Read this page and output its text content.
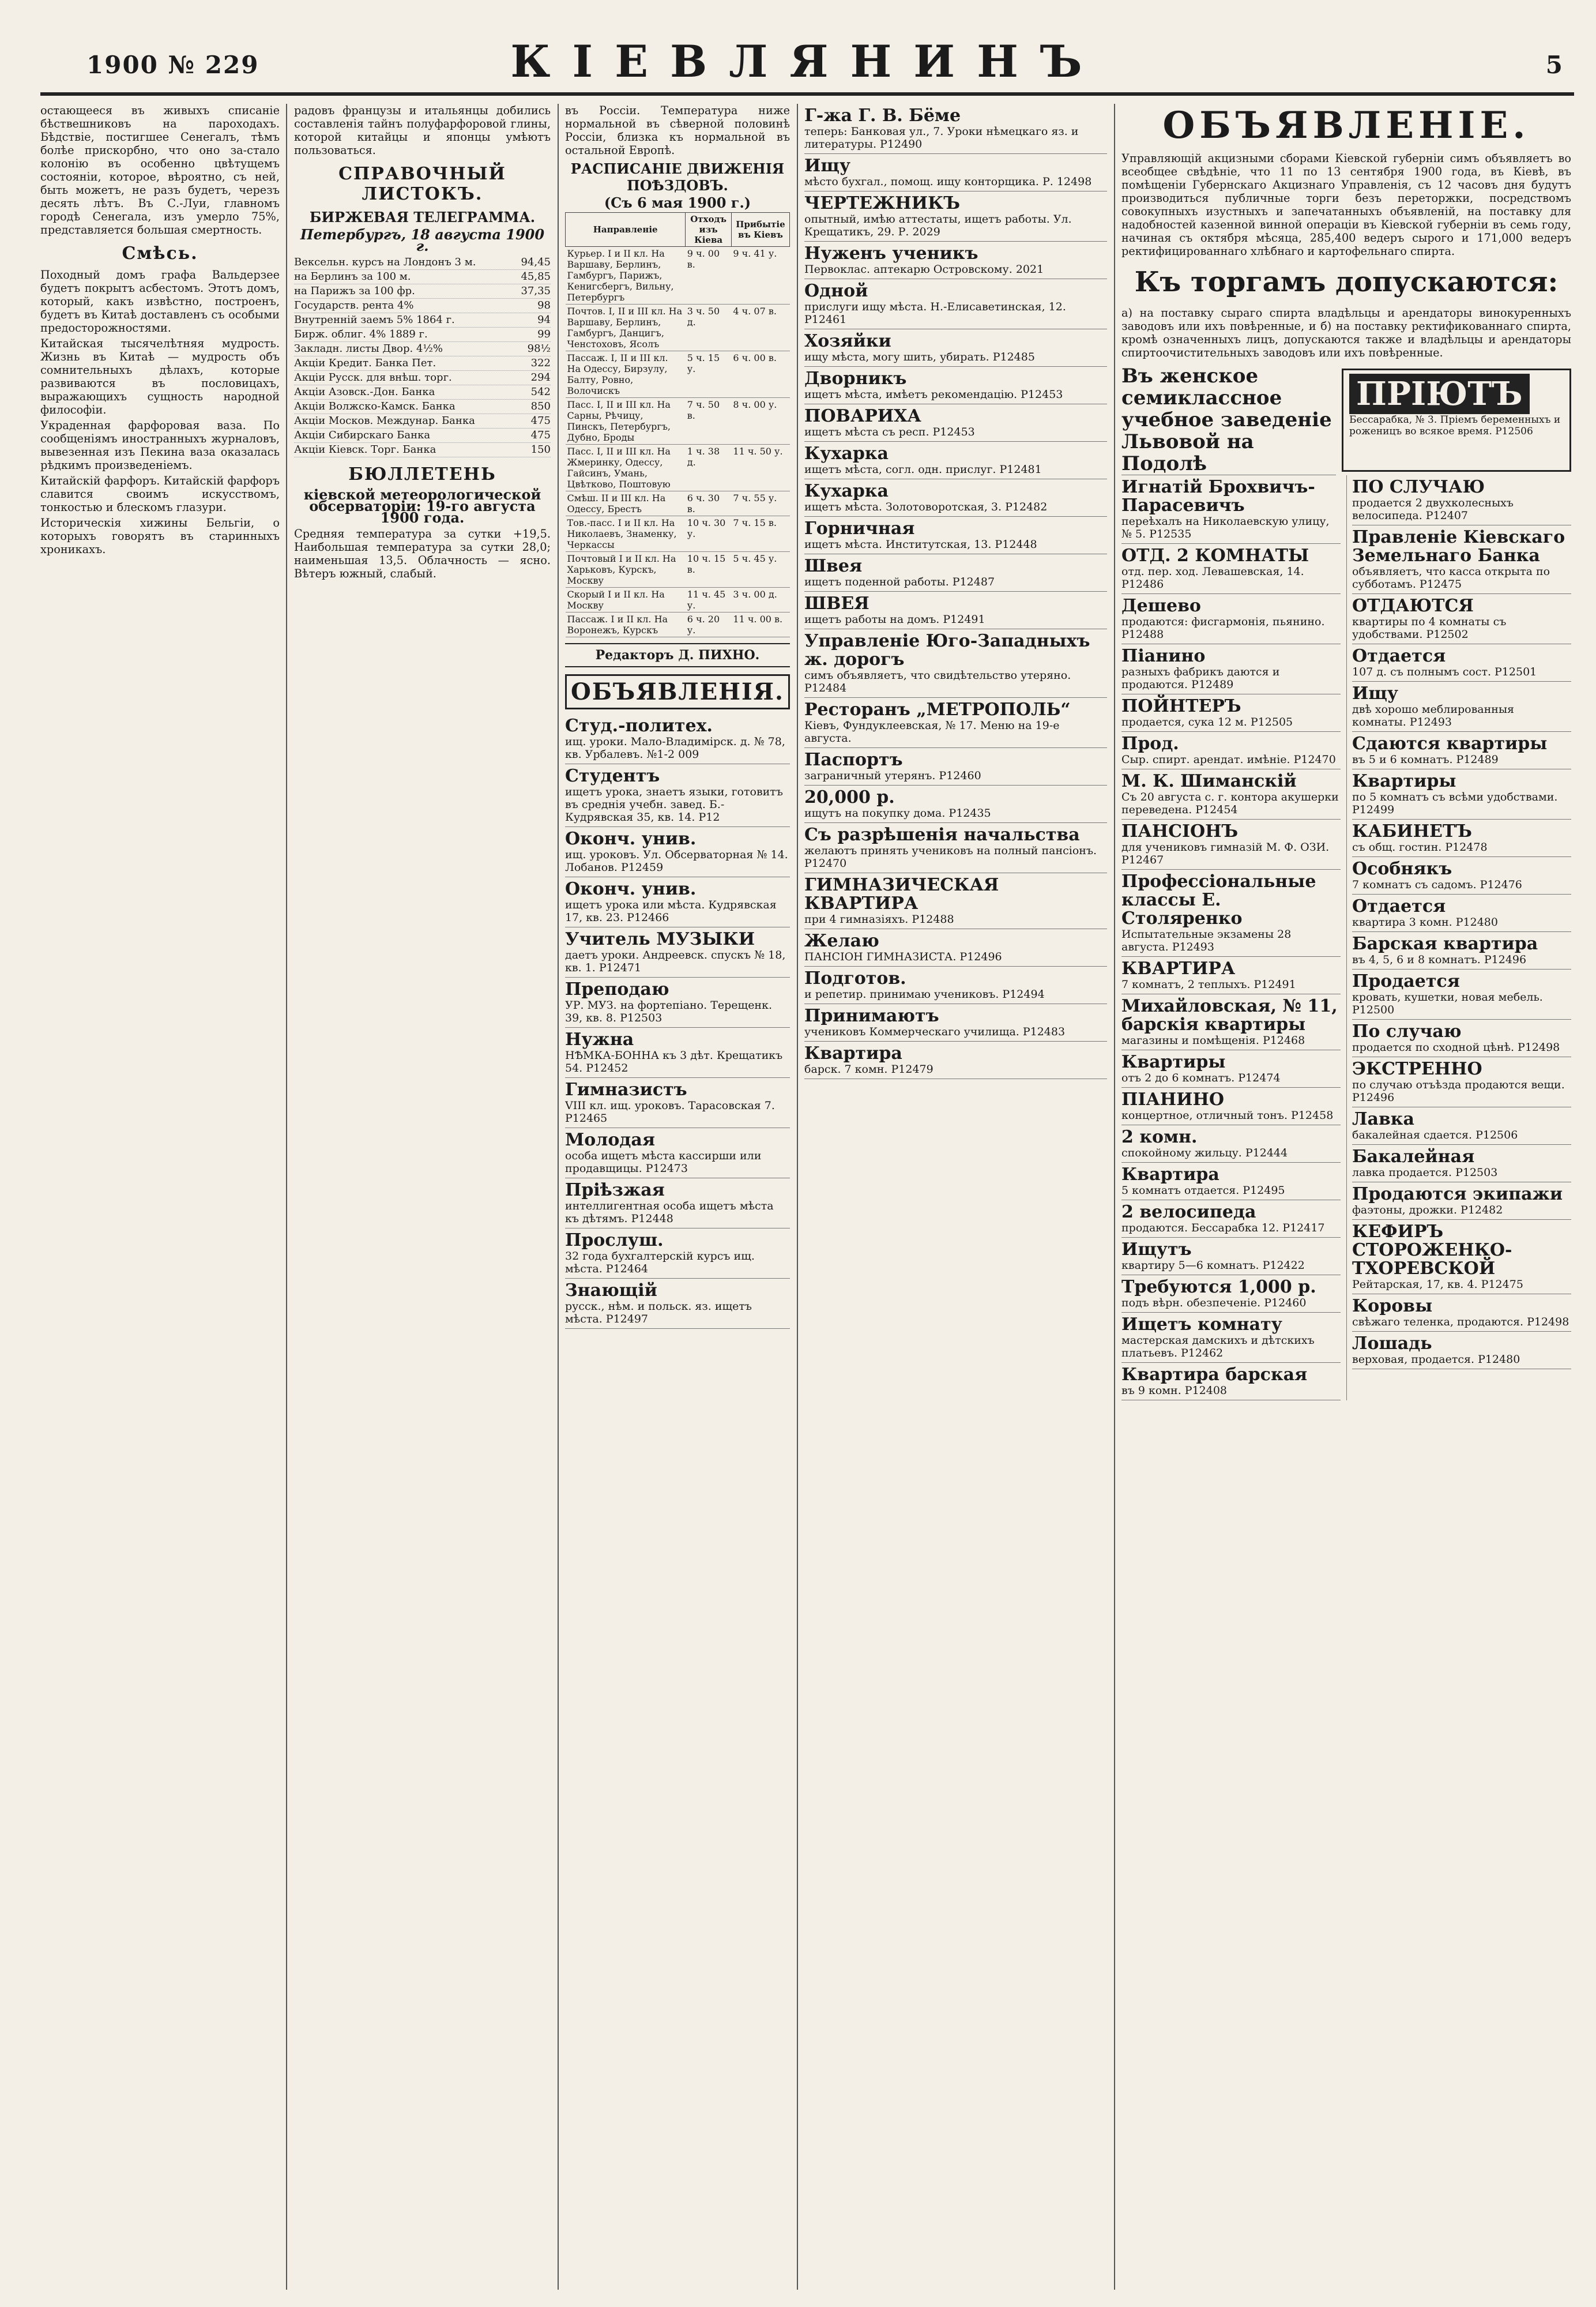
1900 № 229	КІЕВЛЯНИНЪ	5

остающееся въ живыхъ списаніе бѣствешниковъ на пароходахъ. Бѣдствіе, постигшее Сенегалъ, тѣмъ болѣе прискорбно, что оно за-стало колонію въ особенно цвѣтущемъ состояніи, которое, вѣроятно, съ ней, быть можетъ, не разъ будетъ, черезъ десять лѣтъ. Въ С.-Луи, главномъ городѣ Сенегала, изъ умерло 75%, представляется большая смертность.

Смѣсь.

Походный домъ графа Вальдерзее будетъ покрытъ асбестомъ. Этотъ домъ, который, какъ извѣстно, построенъ, будетъ въ Китаѣ доставленъ съ особыми предосторожностями.

Китайская тысячелѣтняя мудрость. Жизнь въ Китаѣ — мудрость объ сомнительныхъ дѣлахъ, которые развиваются въ пословицахъ, выражающихъ сущность народной философіи.

Украденная фарфоровая ваза. По сообщеніямъ иностранныхъ журналовъ, вывезенная изъ Пекина ваза оказалась рѣдкимъ произведеніемъ.

Китайскій фарфоръ. Китайскій фарфоръ славится своимъ искусствомъ, тонкостью и блескомъ глазури.

Историческія хижины Бельгіи, о которыхъ говорятъ въ старинныхъ хроникахъ.

радовъ французы и итальянцы добились составленія тайнъ полуфарфоровой глины, которой китайцы и японцы умѣютъ пользоваться.

СПРАВОЧНЫЙ ЛИСТОКЪ.
БИРЖЕВАЯ ТЕЛЕГРАММА.
Петербургъ, 18 августа 1900 г.
Вексельн. курсъ на Лондонъ 3 м.	94,45
на Берлинъ за 100 м.	45,85
на Парижъ за 100 фр.	37,35
Государств. рента 4%	98
Внутренній заемъ 5% 1864 г.	94
Бирж. облиг. 4% 1889 г.	99
Закладн. листы Двор. 4½%	98½
Акціи Кредит. Банка Пет.	322
Акціи Русск. для внѣш. торг.	294
Акціи Азовск.-Дон. Банка	542
Акціи Волжско-Камск. Банка	850
Акціи Москов. Междунар. Банка	475
Акціи Сибирскаго Банка	475
Акціи Кіевск. Торг. Банка	150
БЮЛЛЕТЕНЬ
кіевской метеорологической обсерваторіи: 19-го августа 1900 года.

Средняя температура за сутки +19,5. Наибольшая температура за сутки 28,0; наименьшая 13,5. Облачность — ясно. Вѣтеръ южный, слабый.

въ Россіи. Температура ниже нормальной въ сѣверной половинѣ Россіи, близка къ нормальной въ остальной Европѣ.

РАСПИСАНІЕ ДВИЖЕНІЯ ПОѢЗДОВЪ.
(Съ 6 мая 1900 г.)
Направленіе	Отходъ изъ Кіева	Прибытіе въ Кіевъ
Курьер. I и II кл. На Варшаву, Берлинъ, Гамбургъ, Парижъ, Кенигсбергъ, Вильну, Петербургъ	9 ч. 00 в.	9 ч. 41 у.
Почтов. I, II и III кл. На Варшаву, Берлинъ, Гамбургъ, Данцигъ, Ченстоховъ, Ясолъ	3 ч. 50 д.	4 ч. 07 в.
Пассаж. I, II и III кл. На Одессу, Бирзулу, Балту, Ровно, Волочискъ	5 ч. 15 у.	6 ч. 00 в.
Пасс. I, II и III кл. На Сарны, Рѣчицу, Пинскъ, Петербургъ, Дубно, Броды	7 ч. 50 в.	8 ч. 00 у.
Пасс. I, II и III кл. На Жмеринку, Одессу, Гайсинъ, Умань, Цвѣтково, Поштовую	1 ч. 38 д.	11 ч. 50 у.
Смѣш. II и III кл. На Одессу, Брестъ	6 ч. 30 в.	7 ч. 55 у.
Тов.-пасс. I и II кл. На Николаевъ, Знаменку, Черкассы	10 ч. 30 у.	7 ч. 15 в.
Почтовый I и II кл. На Харьковъ, Курскъ, Москву	10 ч. 15 в.	5 ч. 45 у.
Скорый I и II кл. На Москву	11 ч. 45 у.	3 ч. 00 д.
Пассаж. I и II кл. На Воронежъ, Курскъ	6 ч. 20 у.	11 ч. 00 в.
Редакторъ Д. ПИХНО.
ОБЪЯВЛЕНІЯ.
Студ.-политех.
ищ. уроки. Мало-Владимірск. д. № 78, кв. Урбалевъ. №1-2 009
Студентъ
ищетъ урока, знаетъ языки, готовитъ въ среднія учебн. завед. Б.-Кудрявская 35, кв. 14. Р12
Оконч. унив.
ищ. уроковъ. Ул. Обсерваторная № 14. Лобанов. Р12459
Оконч. унив.
ищетъ урока или мѣста. Кудрявская 17, кв. 23. Р12466
Учитель МУЗЫКИ
даетъ уроки. Андреевск. спускъ № 18, кв. 1. Р12471
Преподаю
УР. МУЗ. на фортепіано. Терещенк. 39, кв. 8. Р12503
Нужна
НѢМКА-БОННА къ 3 дѣт. Крещатикъ 54. Р12452
Гимназистъ
VIII кл. ищ. уроковъ. Тарасовская 7. Р12465
Молодая
особа ищетъ мѣста кассирши или продавщицы. Р12473
Пріѣзжая
интеллигентная особа ищетъ мѣста къ дѣтямъ. Р12448
Прослуш.
32 года бухгалтерскій курсъ ищ. мѣста. Р12464
Знающій
русск., нѣм. и польск. яз. ищетъ мѣста. Р12497
Г-жа Г. В. Бёме
теперь: Банковая ул., 7. Уроки нѣмецкаго яз. и литературы. Р12490
Ищу
мѣсто бухгал., помощ. ищу конторщика. Р. 12498
ЧЕРТЕЖНИКЪ
опытный, имѣю аттестаты, ищетъ работы. Ул. Крещатикъ, 29. Р. 2029
Нуженъ ученикъ
Первоклас. аптекарю Островскому. 2021
Одной
прислуги ищу мѣста. Н.-Елисаветинская, 12. Р12461
Хозяйки
ищу мѣста, могу шить, убирать. Р12485
Дворникъ
ищетъ мѣста, имѣетъ рекомендацію. Р12453
ПОВАРИХА
ищетъ мѣста съ респ. Р12453
Кухарка
ищетъ мѣста, согл. одн. прислуг. Р12481
Кухарка
ищетъ мѣста. Золотоворотская, 3. Р12482
Горничная
ищетъ мѣста. Институтская, 13. Р12448
Швея
ищетъ поденной работы. Р12487
ШВЕЯ
ищетъ работы на домъ. Р12491
Управленіе Юго-Западныхъ ж. дорогъ
симъ объявляетъ, что свидѣтельство утеряно. Р12484
Ресторанъ „МЕТРОПОЛЬ“
Кіевъ, Фундуклеевская, № 17. Меню на 19-е августа.
Паспортъ
заграничный утерянъ. Р12460
20,000 р.
ищутъ на покупку дома. Р12435
Съ разрѣшенія начальства
желаютъ принять учениковъ на полный пансіонъ. Р12470
ГИМНАЗИЧЕСКАЯ КВАРТИРА
при 4 гимназіяхъ. Р12488
Желаю
ПАНСІОН ГИМНАЗИСТА. Р12496
Подготов.
и репетир. принимаю учениковъ. Р12494
Принимаютъ
учениковъ Коммерческаго училища. Р12483
Квартира
барск. 7 комн. Р12479
ОБЪЯВЛЕНІЕ.

Управляющій акцизными сборами Кіевской губерніи симъ объявляетъ во всеобщее свѣдѣніе, что 11 по 13 сентября 1900 года, въ Кіевѣ, въ помѣщеніи Губернскаго Акцизнаго Управленія, съ 12 часовъ дня будутъ производиться публичные торги безъ переторжки, посредствомъ совокупныхъ изустныхъ и запечатанныхъ объявленій, на поставку для надобностей казенной винной операціи въ Кіевской губерніи въ семь году, начиная съ октября мѣсяца, 285,400 ведеръ сырого и 171,000 ведеръ ректифицированнаго хлѣбнаго и картофельнаго спирта.

Къ торгамъ допускаются:

а) на поставку сыраго спирта владѣльцы и арендаторы винокуренныхъ заводовъ или ихъ повѣренные, и б) на поставку ректификованнаго спирта, кромѣ означенныхъ лицъ, допускаются также и владѣльцы и арендаторы спиртоочистительныхъ заводовъ или ихъ повѣренные.

Въ женское семиклассное учебное заведеніе Львовой на Подолѣ
ПРІЮТЪ
Бессарабка, № 3. Пріемъ беременныхъ и роженицъ во всякое время. Р12506
Игнатій Брохвичъ-Парасевичъ
переѣхалъ на Николаевскую улицу, № 5. Р12535
ОТД. 2 КОМНАТЫ
отд. пер. ход. Левашевская, 14. Р12486
Дешево
продаются: фисгармонія, пьянино. Р12488
Піанино
разныхъ фабрикъ даются и продаются. Р12489
ПОЙНТЕРЪ
продается, сука 12 м. Р12505
Прод.
Сыр. спирт. арендат. имѣніе. Р12470
М. К. Шиманскій
Съ 20 августа с. г. контора акушерки переведена. Р12454
ПАНСІОНЪ
для учениковъ гимназій М. Ф. ОЗИ. Р12467
Профессіональные классы Е. Столяренко
Испытательные экзамены 28 августа. Р12493
КВАРТИРА
7 комнатъ, 2 теплыхъ. Р12491
Михайловская, № 11, барскія квартиры
магазины и помѣщенія. Р12468
Квартиры
отъ 2 до 6 комнатъ. Р12474
ПІАНИНО
концертное, отличный тонъ. Р12458
2 комн.
спокойному жильцу. Р12444
Квартира
5 комнатъ отдается. Р12495
2 велосипеда
продаются. Бессарабка 12. Р12417
Ищутъ
квартиру 5—6 комнатъ. Р12422
Требуются 1,000 р.
подъ вѣрн. обезпеченіе. Р12460
Ищетъ комнату
мастерская дамскихъ и дѣтскихъ платьевъ. Р12462
Квартира барская
въ 9 комн. Р12408
ПО СЛУЧАЮ
продается 2 двухколесныхъ велосипеда. Р12407
Правленіе Кіевскаго Земельнаго Банка
объявляетъ, что касса открыта по субботамъ. Р12475
ОТДАЮТСЯ
квартиры по 4 комнаты съ удобствами. Р12502
Отдается
107 д. съ полнымъ сост. Р12501
Ищу
двѣ хорошо меблированныя комнаты. Р12493
Сдаются квартиры
въ 5 и 6 комнатъ. Р12489
Квартиры
по 5 комнатъ съ всѣми удобствами. Р12499
КАБИНЕТЪ
съ общ. гостин. Р12478
Особнякъ
7 комнатъ съ садомъ. Р12476
Отдается
квартира 3 комн. Р12480
Барская квартира
въ 4, 5, 6 и 8 комнатъ. Р12496
Продается
кровать, кушетки, новая мебель. Р12500
По случаю
продается по сходной цѣнѣ. Р12498
ЭКСТРЕННО
по случаю отъѣзда продаются вещи. Р12496
Лавка
бакалейная сдается. Р12506
Бакалейная
лавка продается. Р12503
Продаются экипажи
фаэтоны, дрожки. Р12482
КЕФИРЪ СТОРОЖЕНКО-ТХОРЕВСКОЙ
Рейтарская, 17, кв. 4. Р12475
Коровы
свѣжаго теленка, продаются. Р12498
Лошадь
верховая, продается. Р12480
